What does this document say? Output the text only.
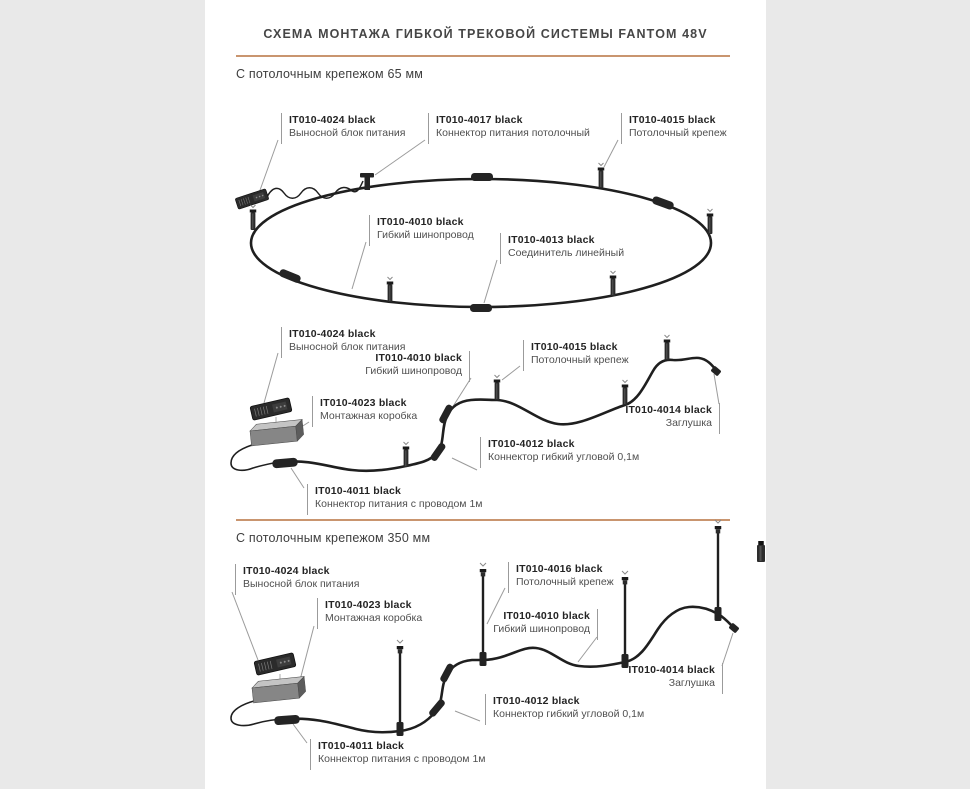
СХЕМА МОНТАЖА ГИБКОЙ ТРЕКОВОЙ СИСТЕМЫ FANTOM 48V
С потолочным крепежом 65 мм
С потолочным крепежом 350 мм
IT010-4024 black
Выносной блок питания
IT010-4017 black
Коннектор питания потолочный
IT010-4015 black
Потолочный крепеж
IT010-4010 black
Гибкий шинопровод	IT010-4013 black
Соединитель линейный
IT010-4024 black
Выносной блок питания
IT010-4010 black
Гибкий шинопровод
IT010-4015 black
Потолочный крепеж
IT010-4023 black
Монтажная коробка	IT010-4014 black
Заглушка
IT010-4012 black
Коннектор гибкий угловой 0,1м
IT010-4011 black
Коннектор питания с проводом 1м
IT010-4024 black
Выносной блок питания
IT010-4016 black
Потолочный крепеж
IT010-4023 black
Монтажная коробка	IT010-4010 black
Гибкий шинопровод
IT010-4014 black
Заглушка
IT010-4012 black
Коннектор гибкий угловой 0,1м
IT010-4011 black
Коннектор питания с проводом 1м
